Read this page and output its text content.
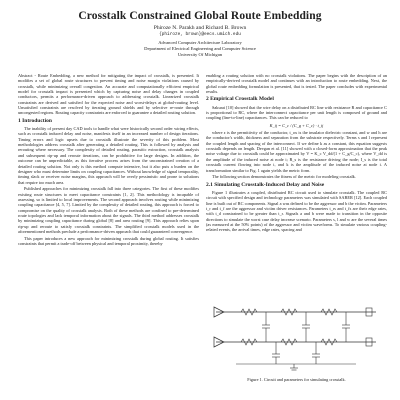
Crosstalk Constrained Global Route Embedding
Phiroze N. Parakh and Richard B. Brown
{phiroze, brown}@eecs.umich.edu
Advanced Computer Architecture Laboratory
Department of Electrical Engineering and Computer Science
University Of Michigan

Abstract - Route Embedding, a new method for mitigating the impact of crosstalk, is presented. It modifies a set of global route structures to prevent timing and noise margin violations caused by crosstalk, while minimizing overall congestion. An accurate and computationally efficient empirical model for crosstalk impact is presented which by capturing noise and delay changes in coupled conductors, permits a performance-driven approach to addressing crosstalk. Linearized crosstalk constraints are derived and satisfied for the expected noise and worst-delays at global-routing level. Unsatisfied constraints are resolved by iterating ground shields and by selective re-route through uncongested regions. Routing capacity constraints are enforced to guarantee a detailed routing solution.

1 Introduction

The inability of present day CAD tools to handle what were historically second order wiring effects, such as crosstalk induced delay and noise, manifests itself in an increased number of design iterations. Timing errors and logic upsets due to crosstalk illustrate the severity of this problem. Most methodologies address crosstalk after generating a detailed routing. This is followed by analysis and rerouting where necessary. The complexity of detailed routing, parasitic extraction, crosstalk analysis and subsequent rip-up and reroute iterations, can be prohibitive for large designs. In addition, the outcome can be unpredictable, as this iterative process arises from the unconstrained creation of a detailed routing solution. Not only is this method compute intensive, but it also puts a burden on the designer who must determine limits on coupling capacitances. Without knowledge of signal temporality, timing slack or receiver noise margins, this approach will be overly pessimistic and prone to solutions that require too much area.

Published approaches for minimizing crosstalk fall into three categories. The first of these modifies existing route structures to meet capacitance constraints [1, 2]. This methodology is incapable of assessing, so is limited to local improvements. The second approach involves routing while minimizing coupling capacitance [4, 5, 7]. Limited by the complexity of detailed routing, this approach is forced to compromise on the quality of crosstalk analysis. Both of these methods are confined to pre-determined route topologies and lack temporal information about the signals. The third method addresses crosstalk by minimizing coupling capacitance during global [8] and area routing [9]. This approach relies upon rip-up and reroute to satisfy crosstalk constraints. The simplified crosstalk models used in the aforementioned methods preclude a performance-driven approach that could guaranteed convergence.

This paper introduces a new approach for minimizing crosstalk during global routing. It satisfies constraints that permit a trade-off between physical and temporal proximity, thereby

enabling a routing solution with no crosstalk violations. The paper begins with the description of an empirically-derived crosstalk model and continues with an introduction to route embedding. Next, the global route embedding formulation is presented, that is tested. The paper concludes with experimental results.

2 Empirical Crosstalk Model

Sakurai [10] showed that the wire delay on a distributed RC line with resistance R and capacitance C is proportional to RC, where the interconnect capacitance per unit length is composed of ground and coupling (line-to-line) capacitances. This can be reduced to

K_ij = C_c / (C_g + C_c) · t_ij

where ε is the permittivity of the conductor, t_ox is the insulator dielectric constant, and w and h are the conductor's width, thickness and separation from the substrate respectively. Terms s and l represent the coupled length and spacing of the interconnect. If we define k as a constant, this equation suggests crosstalk depends on length. Devgan et al. [11] showed with a closed-form approximation that the peak noise voltage due to crosstalk could be approximated by V = K_c V_dd/(1 + C_g/C_c), where V_dd is the amplitude of the induced noise at node i; R_s is the resistance driving the node; I_s is the total crosstalk current flowing into node i, and k is the amplitude of the induced noise at node i. A transformation similar to Fig. 1 again yields the metric form.

The following section demonstrates the fitness of the metric for modeling crosstalk.

2.1 Simulating Crosstalk-Induced Delay and Noise

Figure 1 illustrates a coupled, distributed RC circuit used to simulate crosstalk. The coupled RC circuit with specified design and technology parameters was simulated with SABER [12]. Each coupled line is built out of RC components. Signal a was defined to be the aggressor and b the victim. Parameters t_r and t_f are the aggressor and victim driver resistances. Parameters t_rs and t_fs are their edge rates, with t_d constrained to be greater than t_r. Signals a and b were made to transition in the opposite directions to simulate the worst case delay increase scenario. Parameters s, l and w are the several times (as measured at the 50% points) of the aggressor and victim waveforms. To simulate various coupling-related events, the arrival times, edge rates, spacing and

Figure 1. Circuit and parameters for simulating crosstalk.
